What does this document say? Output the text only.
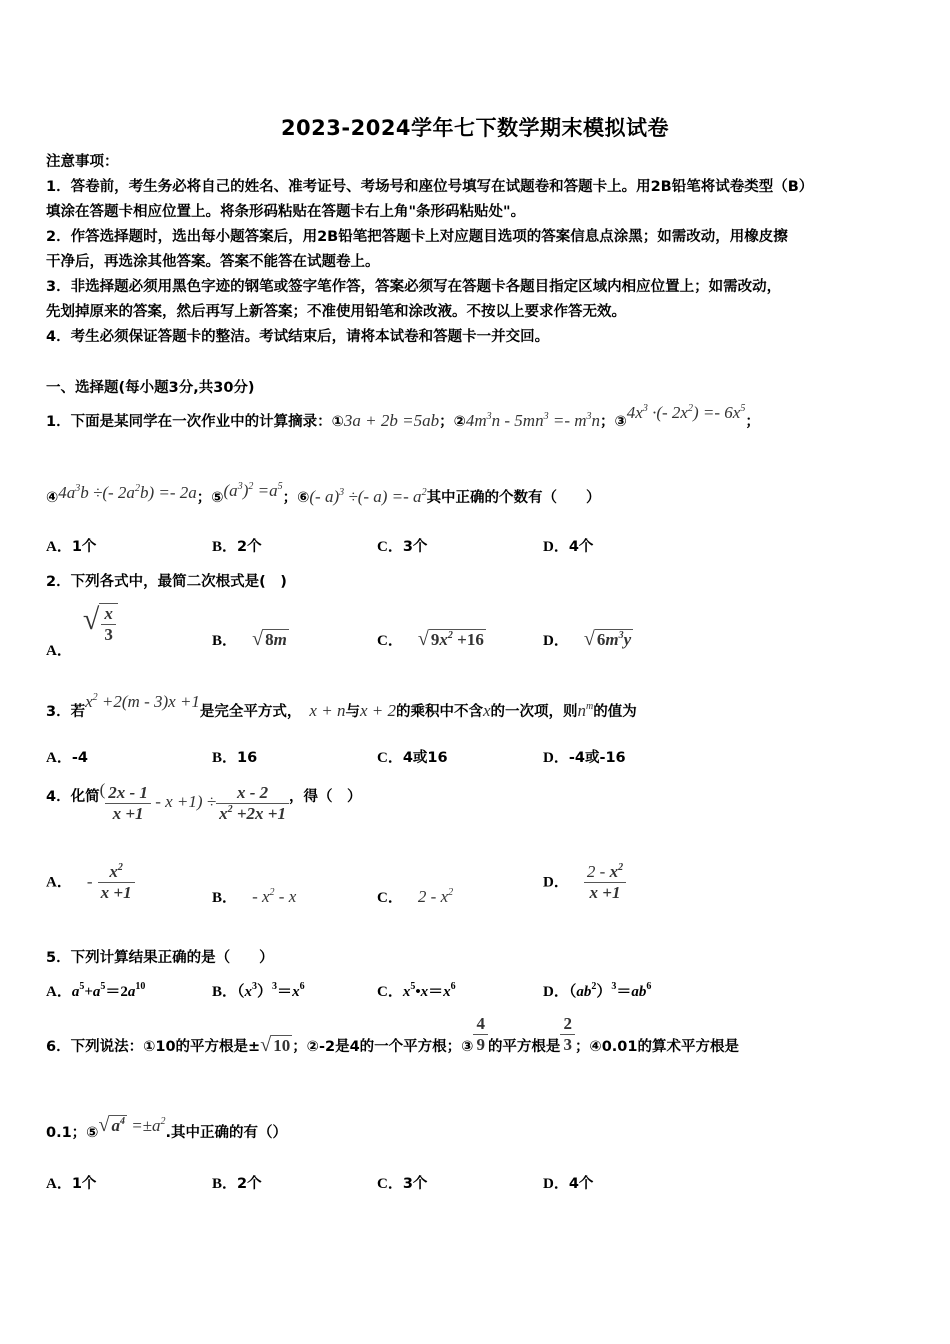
2023-2024学年七下数学期末模拟试卷
注意事项：
1．答卷前，考生务必将自己的姓名、准考证号、考场号和座位号填写在试题卷和答题卡上。用2B铅笔将试卷类型（B）
填涂在答题卡相应位置上。将条形码粘贴在答题卡右上角"条形码粘贴处"。
2．作答选择题时，选出每小题答案后，用2B铅笔把答题卡上对应题目选项的答案信息点涂黑；如需改动，用橡皮擦
干净后，再选涂其他答案。答案不能答在试题卷上。
3．非选择题必须用黑色字迹的钢笔或签字笔作答，答案必须写在答题卡各题目指定区域内相应位置上；如需改动，
先划掉原来的答案，然后再写上新答案；不准使用铅笔和涂改液。不按以上要求作答无效。
4．考生必须保证答题卡的整洁。考试结束后，请将本试卷和答题卡一并交回。
一、选择题(每小题3分,共30分)
1．下面是某同学在一次作业中的计算摘录：①3a + 2b =5ab；$②4m^3n - 5mn^3 =- m^3n$；$③4x^3$ ·(- $2x^2) =- 6x^5$；
$④4a^3b$ ÷(- $2a^2b) =- 2a$；$⑤(a^3)^2 =a^5$；⑥(- a)$^3$ ÷(- $a) =- a^2$其中正确的个数有（　　）
A．1个	B．2个	C．3个	D．4个
2．下列各式中，最简二次根式是(　)
A． √ $\frac{x}{3}$	B． √ 8m	C． √ $9x^2 +16$	D． √ $6m^3y$
3．若$x^2 +2(m - 3)x +1$是完全平方式， x + n与x + 2的乘积中不含x的一次项，则$n^m$的值为
A．-4	B．16	C．4或16	D．-4或-16
4．化简( $\frac{2x - 1}{x +1} - x +1) \div \frac{x - 2}{x^2 +2x +1}$ ，得（　）
A． - $\frac{x^2}{x +1}$	B． - $x^2$ - x	C． $2 - x^2$
D． $\frac{2 - x^2}{x +1}$
5．下列计算结果正确的是（　　）
A．$a^5+a^5=2a^{10}$	B．$(x^3)^3=x^6$	C．$x^5•x=x^6$	D．$(ab^2)^3=ab^6$
6．下列说法：①10的平方根是±√ 10 ；②-2是4的一个平方根；③ $\frac{4}{9}$ 的平方根是 $\frac{2}{3}$ ；④0.01的算术平方根是
0.1；⑤√ $a^4 =\pm a^2$.其中正确的有（）
A．1个	B．2个	C．3个	D．4个
